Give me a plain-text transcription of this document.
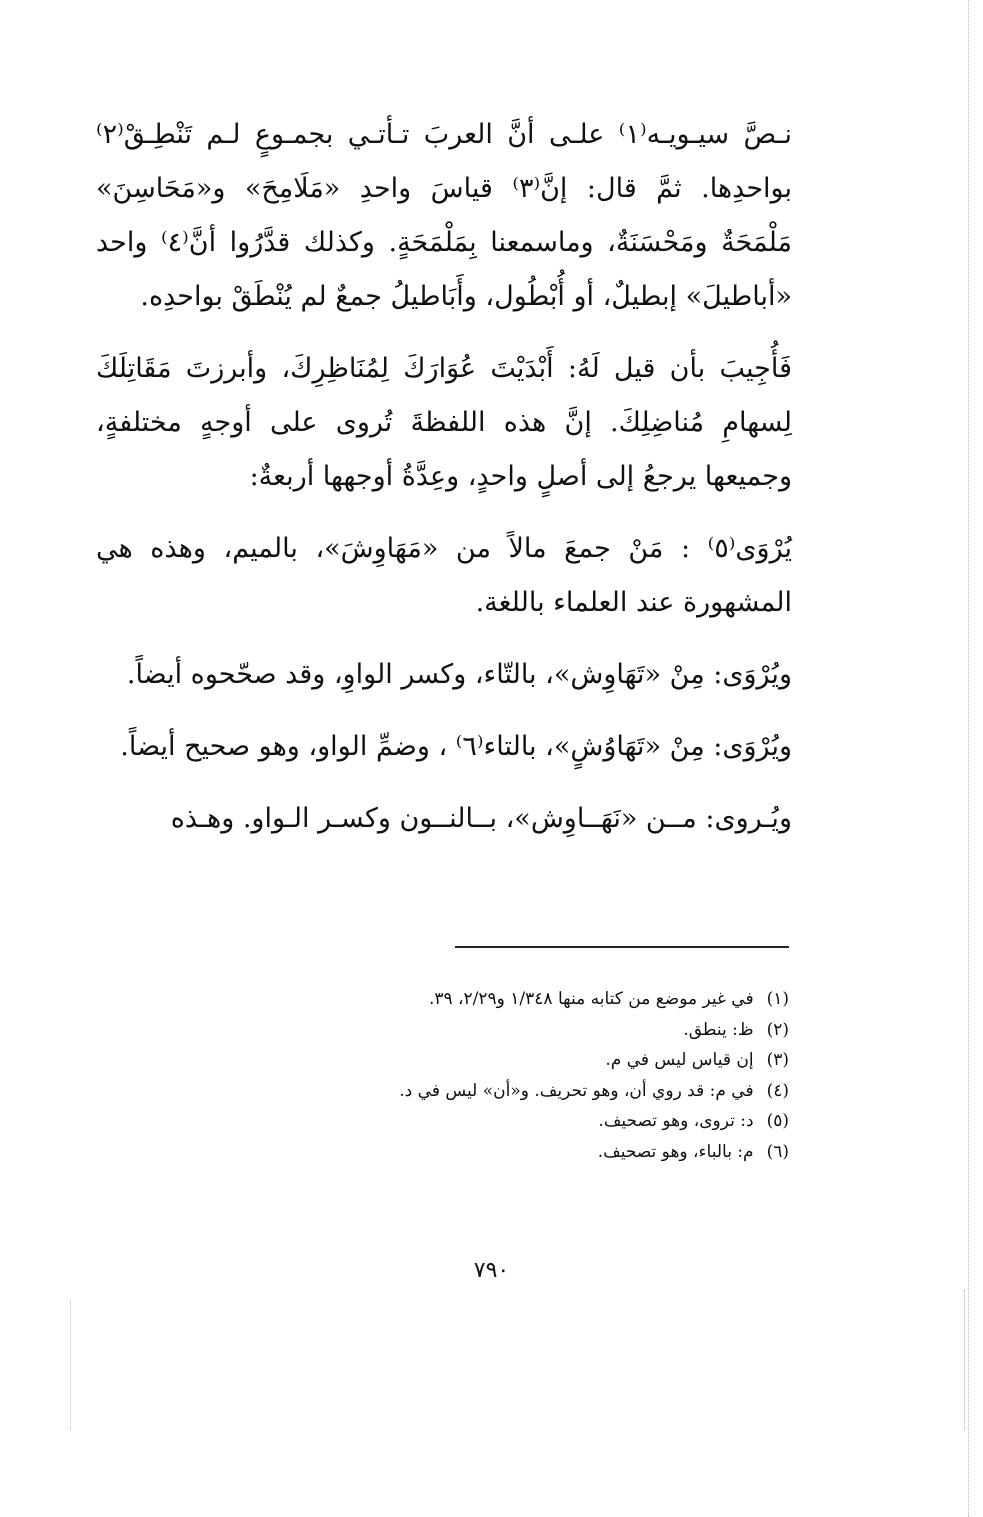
نـصَّ سيـويـه⁽١⁾ علـى أنَّ العربَ تـأتـي بجمـوعٍ لـم تَنْطِـقْ⁽٢⁾ بواحدِها. ثمَّ قال: إنَّ⁽٣⁾ قياسَ واحدِ «مَلَامِحَ» و«مَحَاسِنَ» مَلْمَحَةٌ ومَحْسَنَةٌ، وماسمعنا بِمَلْمَحَةٍ. وكذلك قدَّرُوا أنَّ⁽٤⁾ واحد «أباطيلَ» إبطيلٌ، أو أُبْطُول، وأَبَاطيلُ جمعٌ لم يُنْطَقْ بواحدِه.

فَأُجِيبَ بأن قيل لَهُ: أَبْدَيْتَ عُوَارَكَ لِمُنَاظِرِكَ، وأبرزتَ مَقَاتِلَكَ لِسهامِ مُناضِلِكَ. إنَّ هذه اللفظةَ تُروى على أوجهٍ مختلفةٍ، وجميعها يرجعُ إلى أصلٍ واحدٍ، وعِدَّةُ أوجهها أربعةٌ:

يُرْوَى⁽٥⁾ : مَنْ جمعَ مالاً من «مَهَاوِشَ»، بالميم، وهذه هي المشهورة عند العلماء باللغة.

ويُرْوَى: مِنْ «تَهَاوِش»، بالتّاء، وكسر الواوِ، وقد صحّحوه أيضاً.

ويُرْوَى: مِنْ «تَهَاوُشٍ»، بالتاء⁽٦⁾ ، وضمِّ الواو، وهو صحيح أيضاً.

ويُـروى: مــن «نَهَــاوِش»، بــالنــون وكسـر الـواو. وهـذه

(١) في غير موضع من كتابه منها ١/٣٤٨ و٢/٢٩، ٣٩.
(٢) ظ: ينطق.
(٣) إن قياس ليس في م.
(٤) في م: قد روي أن، وهو تحريف. و«أن» ليس في د.
(٥) د: تروى، وهو تصحيف.
(٦) م: بالباء، وهو تصحيف.
٧٩٠
